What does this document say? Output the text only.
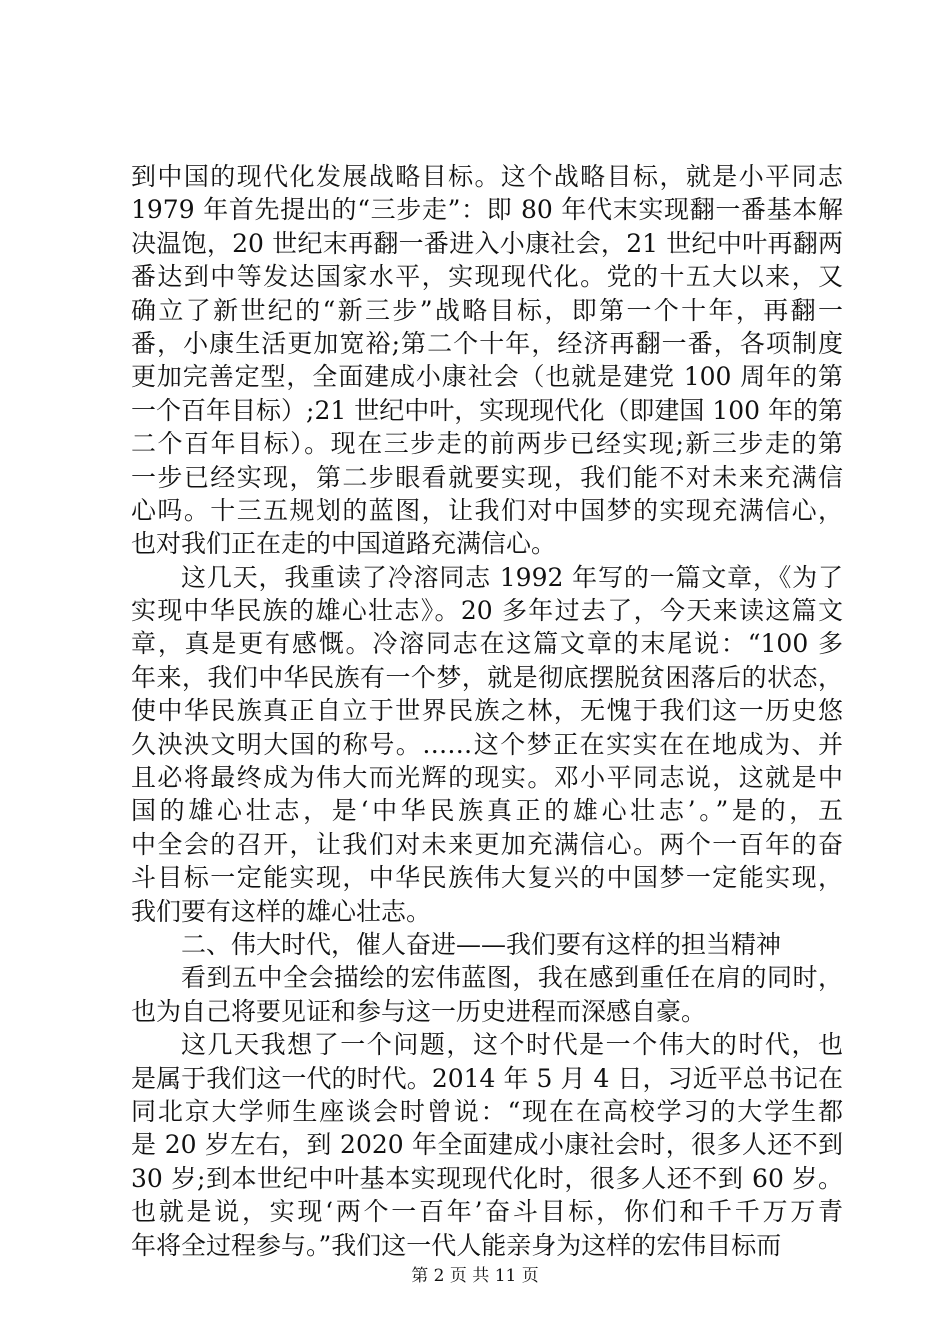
到中国的现代化发展战略目标。这个战略目标，就是小平同志
1979 年首先提出的“三步走”：即 80 年代末实现翻一番基本解
决温饱，20 世纪末再翻一番进入小康社会，21 世纪中叶再翻两
番达到中等发达国家水平，实现现代化。党的十五大以来，又
确立了新世纪的“新三步”战略目标，即第一个十年，再翻一
番，小康生活更加宽裕;第二个十年，经济再翻一番，各项制度
更加完善定型，全面建成小康社会（也就是建党 100 周年的第
一个百年目标）;21 世纪中叶，实现现代化（即建国 100 年的第
二个百年目标）。现在三步走的前两步已经实现;新三步走的第
一步已经实现，第二步眼看就要实现，我们能不对未来充满信
心吗。十三五规划的蓝图，让我们对中国梦的实现充满信心，
也对我们正在走的中国道路充满信心。
这几天，我重读了冷溶同志 1992 年写的一篇文章，《为了
实现中华民族的雄心壮志》。20 多年过去了，今天来读这篇文
章，真是更有感慨。冷溶同志在这篇文章的末尾说：“100 多
年来，我们中华民族有一个梦，就是彻底摆脱贫困落后的状态，
使中华民族真正自立于世界民族之林，无愧于我们这一历史悠
久泱泱文明大国的称号。……这个梦正在实实在在地成为、并
且必将最终成为伟大而光辉的现实。邓小平同志说，这就是中
国的雄心壮志，是‘中华民族真正的雄心壮志’。”是的，五
中全会的召开，让我们对未来更加充满信心。两个一百年的奋
斗目标一定能实现，中华民族伟大复兴的中国梦一定能实现，
我们要有这样的雄心壮志。
二、伟大时代，催人奋进——我们要有这样的担当精神
看到五中全会描绘的宏伟蓝图，我在感到重任在肩的同时，
也为自己将要见证和参与这一历史进程而深感自豪。
这几天我想了一个问题，这个时代是一个伟大的时代，也
是属于我们这一代的时代。2014 年 5 月 4 日，习近平总书记在
同北京大学师生座谈会时曾说：“现在在高校学习的大学生都
是 20 岁左右，到 2020 年全面建成小康社会时，很多人还不到
30 岁;到本世纪中叶基本实现现代化时，很多人还不到 60 岁。
也就是说，实现‘两个一百年’奋斗目标，你们和千千万万青
年将全过程参与。”我们这一代人能亲身为这样的宏伟目标而
第 2 页 共 11 页
